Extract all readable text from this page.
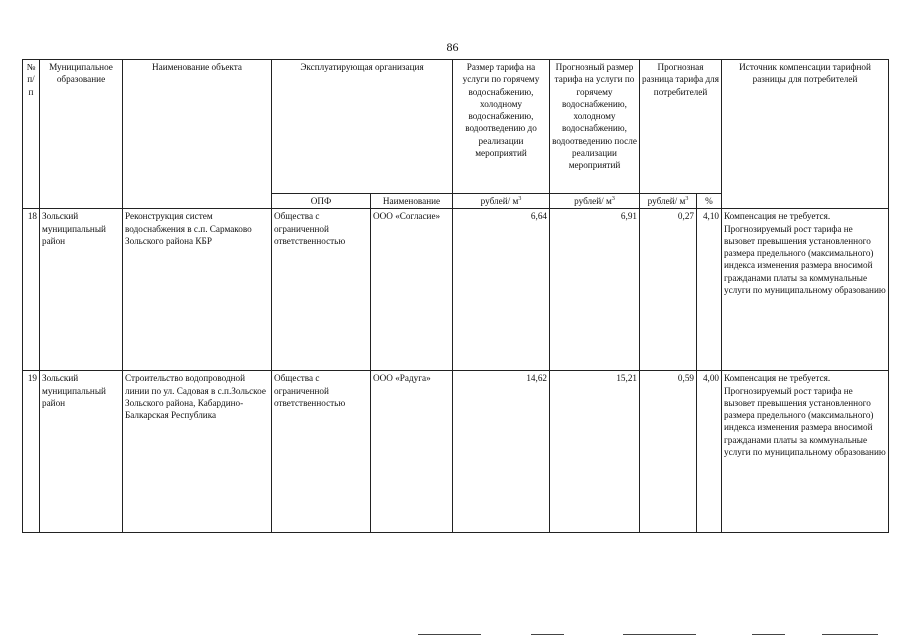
86
№ п/п	Муниципальное образование	Наименование объекта	Эксплуатирующая организация		Размер тарифа на услуги по горячему водоснабжению, холодному водоснабжению, водоотведению до реализации мероприятий	Прогнозный размер тарифа на услуги по горячему водоснабжению, холодному водоснабжению, водоотведению после реализации мероприятий	Прогнозная разница тарифа для потребителей		Источник компенсации тарифной разницы для потребителей
			ОПФ	Наименование	рублей/ $м^3$	рублей/ $м^3$	рублей/ $м^3$	%	
18	Зольский муниципальный район	Реконструкция систем водоснабжения в с.п. Сармаково Зольского района КБР	Общества с ограниченной ответственностью	ООО «Согласие»	6,64	6,91	0,27	4,10	Компенсация не требуется. Прогнозируемый рост тарифа не вызовет превышения установленного размера предельного (максимального) индекса изменения размера вносимой гражданами платы за коммунальные услуги по муниципальному образованию
19	Зольский муниципальный район	Строительство водопроводной линии по ул. Садовая в с.п.Зольское Зольского района, Кабардино-Балкарская Республика	Общества с ограниченной ответственностью	ООО «Радуга»	14,62	15,21	0,59	4,00	Компенсация не требуется. Прогнозируемый рост тарифа не вызовет превышения установленного размера предельного (максимального) индекса изменения размера вносимой гражданами платы за коммунальные услуги по муниципальному образованию
